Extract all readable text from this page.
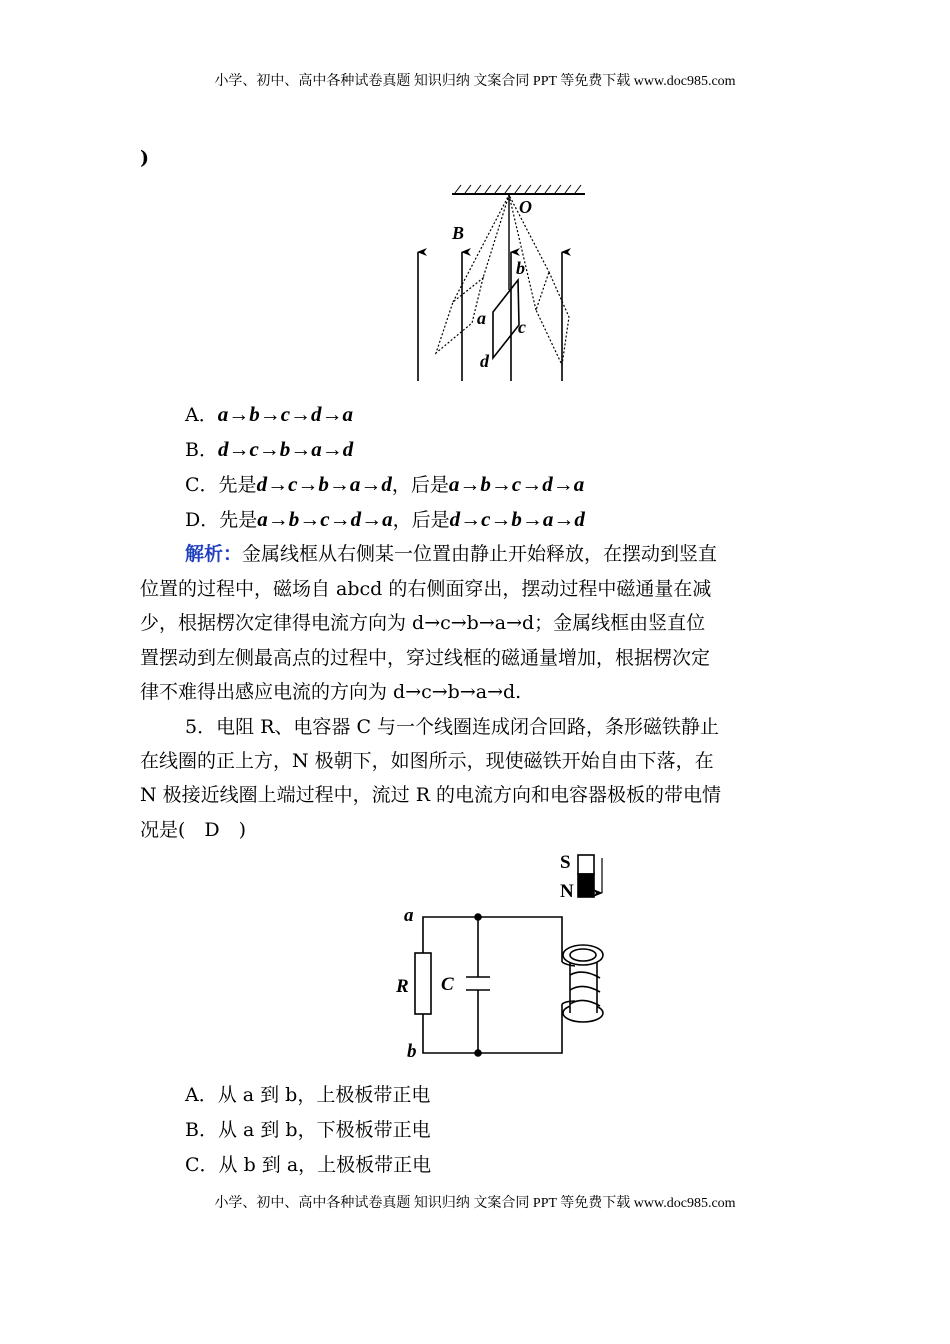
小学、初中、高中各种试卷真题 知识归纳 文案合同 PPT 等免费下载 www.doc985.com
)
O
B
b
a c
d
S
N
a
b
R C
A．a→b→c→d→a
B．d→c→b→a→d
C．先是d→c→b→a→d，后是a→b→c→d→a
D．先是a→b→c→d→a，后是d→c→b→a→d
解析：金属线框从右侧某一位置由静止开始释放，在摆动到竖直
位置的过程中，磁场自 abcd 的右侧面穿出，摆动过程中磁通量在减
少，根据楞次定律得电流方向为 d→c→b→a→d；金属线框由竖直位
置摆动到左侧最高点的过程中，穿过线框的磁通量增加，根据楞次定
律不难得出感应电流的方向为 d→c→b→a→d.
5．电阻 R、电容器 C 与一个线圈连成闭合回路，条形磁铁静止
在线圈的正上方，N 极朝下，如图所示，现使磁铁开始自由下落，在
N 极接近线圈上端过程中，流过 R 的电流方向和电容器极板的带电情
况是(　D　)
A．从 a 到 b，上极板带正电
B．从 a 到 b，下极板带正电
C．从 b 到 a，上极板带正电
小学、初中、高中各种试卷真题 知识归纳 文案合同 PPT 等免费下载 www.doc985.com
